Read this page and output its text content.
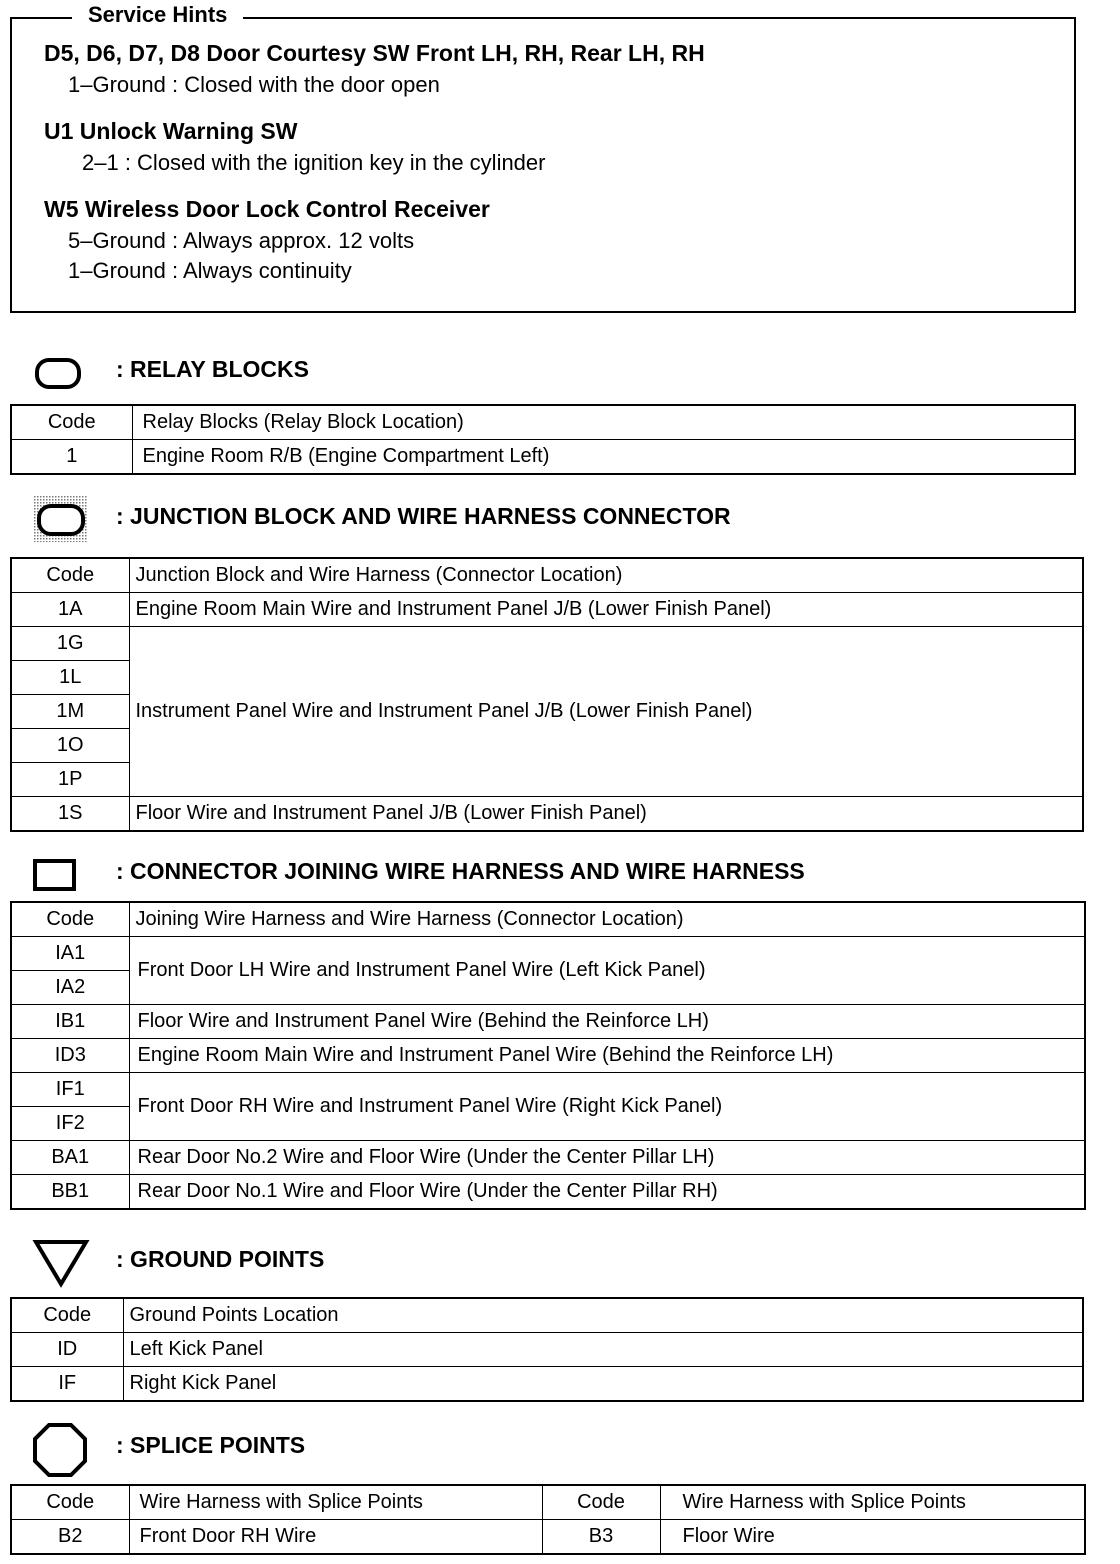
Service Hints
D5, D6, D7, D8 Door Courtesy SW Front LH, RH, Rear LH, RH
1–Ground : Closed with the door open
U1 Unlock Warning SW
2–1 : Closed with the ignition key in the cylinder
W5 Wireless Door Lock Control Receiver
5–Ground : Always approx. 12 volts
1–Ground : Always continuity
: RELAY BLOCKS
Code	Relay Blocks (Relay Block Location)
1	Engine Room R/B (Engine Compartment Left)
: JUNCTION BLOCK AND WIRE HARNESS CONNECTOR
Code	Junction Block and Wire Harness (Connector Location)
1A	Engine Room Main Wire and Instrument Panel J/B (Lower Finish Panel)
1G	Instrument Panel Wire and Instrument Panel J/B (Lower Finish Panel)
1L	
1M	
1O	
1P	
1S	Floor Wire and Instrument Panel J/B (Lower Finish Panel)
: CONNECTOR JOINING WIRE HARNESS AND WIRE HARNESS
Code	Joining Wire Harness and Wire Harness (Connector Location)
IA1	Front Door LH Wire and Instrument Panel Wire (Left Kick Panel)
IA2	
IB1	Floor Wire and Instrument Panel Wire (Behind the Reinforce LH)
ID3	Engine Room Main Wire and Instrument Panel Wire (Behind the Reinforce LH)
IF1	Front Door RH Wire and Instrument Panel Wire (Right Kick Panel)
IF2	
BA1	Rear Door No.2 Wire and Floor Wire (Under the Center Pillar LH)
BB1	Rear Door No.1 Wire and Floor Wire (Under the Center Pillar RH)
: GROUND POINTS
Code	Ground Points Location
ID	Left Kick Panel
IF	Right Kick Panel
: SPLICE POINTS
Code	Wire Harness with Splice Points	Code	Wire Harness with Splice Points
B2	Front Door RH Wire	B3	Floor Wire
